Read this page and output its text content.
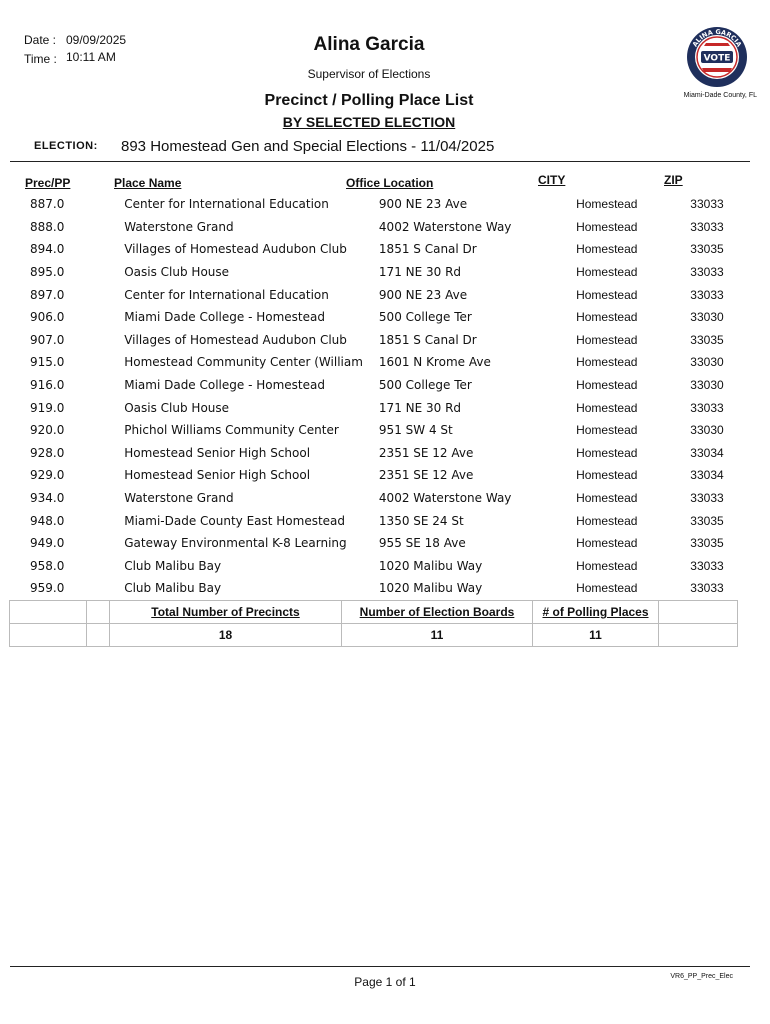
Date : 09/09/2025
Time : 10:11 AM
Alina Garcia
Supervisor of Elections
ALINA GARCIA
VOTE
Miami-Dade County, FL
Precinct / Polling Place List
BY SELECTED ELECTION
ELECTION: 893 Homestead Gen and Special Elections - 11/04/2025
Prec/PP	Place Name	Office Location	CITY	ZIP
887.0	Center for International Education	900 NE 23 Ave	Homestead	33033
888.0	Waterstone Grand	4002 Waterstone Way	Homestead	33033
894.0	Villages of Homestead Audubon Club	1851 S Canal Dr	Homestead	33035
895.0	Oasis Club House	171 NE 30 Rd	Homestead	33033
897.0	Center for International Education	900 NE 23 Ave	Homestead	33033
906.0	Miami Dade College - Homestead	500 College Ter	Homestead	33030
907.0	Villages of Homestead Audubon Club	1851 S Canal Dr	Homestead	33035
915.0	Homestead Community Center (William	1601 N Krome Ave	Homestead	33030
916.0	Miami Dade College - Homestead	500 College Ter	Homestead	33030
919.0	Oasis Club House	171 NE 30 Rd	Homestead	33033
920.0	Phichol Williams Community Center	951 SW 4 St	Homestead	33030
928.0	Homestead Senior High School	2351 SE 12 Ave	Homestead	33034
929.0	Homestead Senior High School	2351 SE 12 Ave	Homestead	33034
934.0	Waterstone Grand	4002 Waterstone Way	Homestead	33033
948.0	Miami-Dade County East Homestead	1350 SE 24 St	Homestead	33035
949.0	Gateway Environmental K-8 Learning	955 SE 18 Ave	Homestead	33035
958.0	Club Malibu Bay	1020 Malibu Way	Homestead	33033
959.0	Club Malibu Bay	1020 Malibu Way	Homestead	33033
		Total Number of Precincts	Number of Election Boards	# of Polling Places	
		18	11	11	
Page 1 of 1	VR6_PP_Prec_Elec
